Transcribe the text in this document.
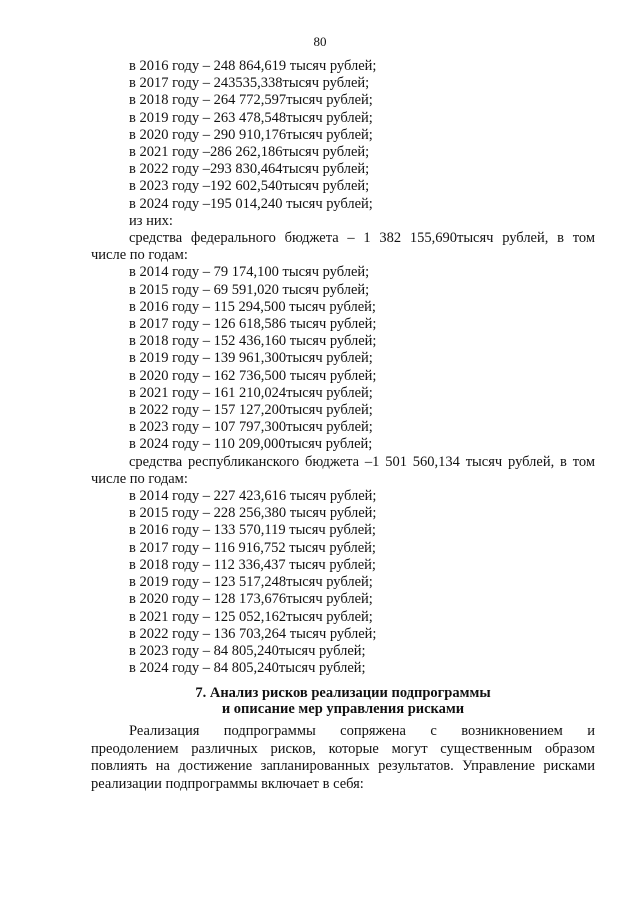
80
в 2016 году – 248 864,619 тысяч рублей;
в 2017 году – 243535,338тысяч рублей;
в 2018 году – 264 772,597тысяч рублей;
в 2019 году – 263 478,548тысяч рублей;
в 2020 году – 290 910,176тысяч рублей;
в 2021 году –286 262,186тысяч рублей;
в 2022 году –293 830,464тысяч рублей;
в 2023 году –192 602,540тысяч рублей;
в 2024 году –195 014,240 тысяч рублей;
из них:
средства федерального бюджета – 1 382 155,690тысяч рублей, в том
числе по годам:
в 2014 году – 79 174,100 тысяч рублей;
в 2015 году – 69 591,020 тысяч рублей;
в 2016 году – 115 294,500 тысяч рублей;
в 2017 году – 126 618,586 тысяч рублей;
в 2018 году – 152 436,160 тысяч рублей;
в 2019 году – 139 961,300тысяч рублей;
в 2020 году – 162 736,500 тысяч рублей;
в 2021 году – 161 210,024тысяч рублей;
в 2022 году – 157 127,200тысяч рублей;
в 2023 году – 107 797,300тысяч рублей;
в 2024 году – 110 209,000тысяч рублей;
средства республиканского бюджета –1 501 560,134 тысяч рублей, в том
числе по годам:
в 2014 году – 227 423,616 тысяч рублей;
в 2015 году – 228 256,380 тысяч рублей;
в 2016 году – 133 570,119 тысяч рублей;
в 2017 году – 116 916,752 тысяч рублей;
в 2018 году – 112 336,437 тысяч рублей;
в 2019 году – 123 517,248тысяч рублей;
в 2020 году – 128 173,676тысяч рублей;
в 2021 году – 125 052,162тысяч рублей;
в 2022 году – 136 703,264 тысяч рублей;
в 2023 году – 84 805,240тысяч рублей;
в 2024 году – 84 805,240тысяч рублей;
7. Анализ рисков реализации подпрограммы
и описание мер управления рисками
Реализация подпрограммы сопряжена с возникновением и
преодолением различных рисков, которые могут существенным образом повлиять на достижение запланированных результатов. Управление рисками реализации подпрограммы включает в себя:
